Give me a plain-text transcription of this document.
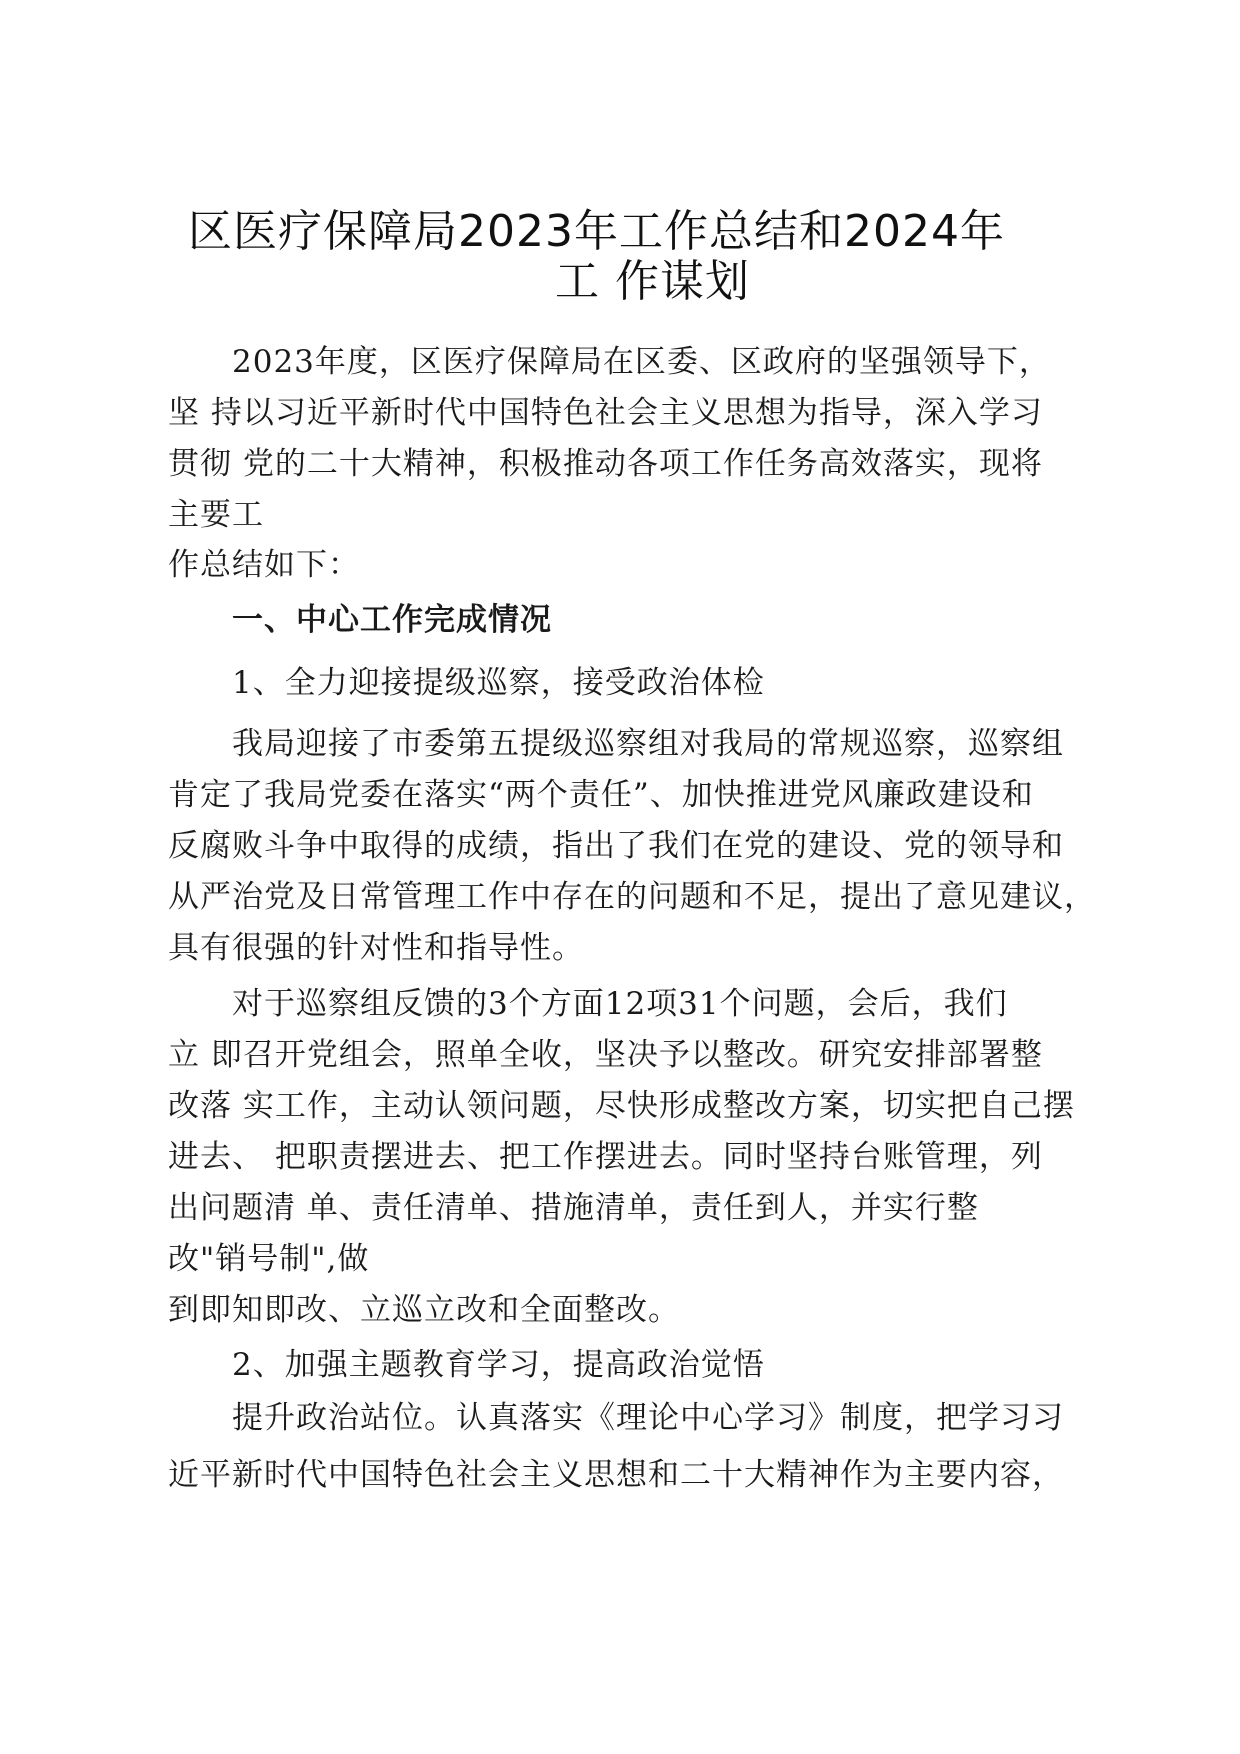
区医疗保障局2023年工作总结和2024年
工 作谋划
2023年度，区医疗保障局在区委、区政府的坚强领导下，
坚 持以习近平新时代中国特色社会主义思想为指导，深入学习
贯彻 党的二十大精神，积极推动各项工作任务高效落实，现将
主要工
作总结如下：
一、中心工作完成情况
1、全力迎接提级巡察，接受政治体检
我局迎接了市委第五提级巡察组对我局的常规巡察，巡察组
肯定了我局党委在落实“两个责任”、加快推进党风廉政建设和
反腐败斗争中取得的成绩，指出了我们在党的建设、党的领导和
从严治党及日常管理工作中存在的问题和不足，提出了意见建议，
具有很强的针对性和指导性。
对于巡察组反馈的3个方面12项31个问题，会后，我们
立 即召开党组会，照单全收，坚决予以整改。研究安排部署整
改落 实工作，主动认领问题，尽快形成整改方案，切实把自己摆
进去、 把职责摆进去、把工作摆进去。同时坚持台账管理，列
出问题清 单、责任清单、措施清单，责任到人，并实行整
改"销号制",做
到即知即改、立巡立改和全面整改。
2、加强主题教育学习，提高政治觉悟
提升政治站位。认真落实《理论中心学习》制度，把学习习
近平新时代中国特色社会主义思想和二十大精神作为主要内容，
